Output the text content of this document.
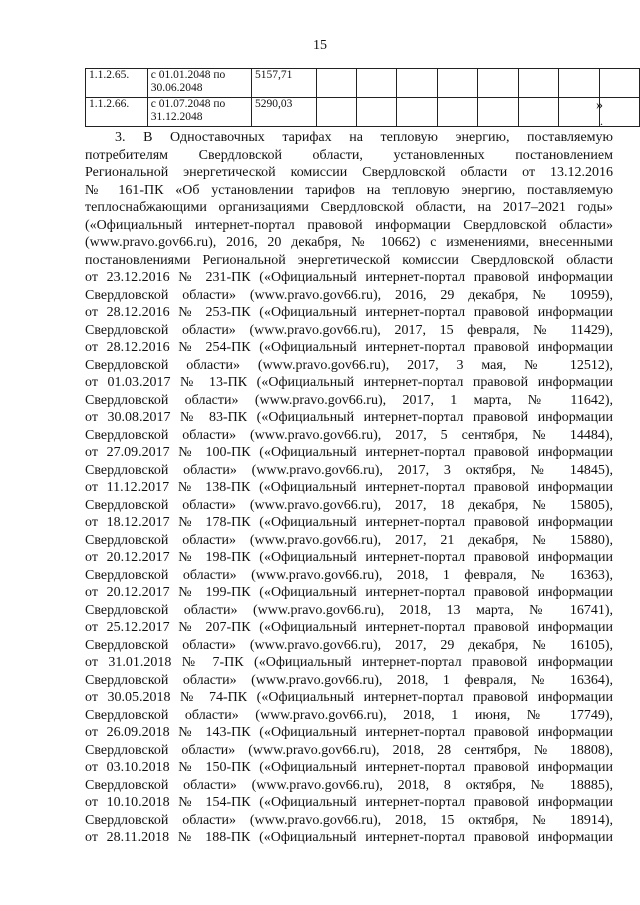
15
1.1.2.65.	с 01.01.2048 по
30.06.2048	5157,71								
1.1.2.66.	с 01.07.2048 по
31.12.2048	5290,03									»
.
3. В Одноставочных тарифах на тепловую энергию, поставляемую
потребителям Свердловской области, установленных постановлением
Региональной энергетической комиссии Свердловской области от 13.12.2016
№ 161-ПК «Об установлении тарифов на тепловую энергию, поставляемую
теплоснабжающими организациями Свердловской области, на 2017–2021 годы»
(«Официальный интернет-портал правовой информации Свердловской области»
(www.pravo.gov66.ru), 2016, 20 декабря, № 10662) с изменениями, внесенными
постановлениями Региональной энергетической комиссии Свердловской области
от 23.12.2016 № 231-ПК («Официальный интернет-портал правовой информации
Свердловской области» (www.pravo.gov66.ru), 2016, 29 декабря, № 10959),
от 28.12.2016 № 253-ПК («Официальный интернет-портал правовой информации
Свердловской области» (www.pravo.gov66.ru), 2017, 15 февраля, № 11429),
от 28.12.2016 № 254-ПК («Официальный интернет-портал правовой информации
Свердловской области» (www.pravo.gov66.ru), 2017, 3 мая, № 12512),
от 01.03.2017 № 13-ПК («Официальный интернет-портал правовой информации
Свердловской области» (www.pravo.gov66.ru), 2017, 1 марта, № 11642),
от 30.08.2017 № 83-ПК («Официальный интернет-портал правовой информации
Свердловской области» (www.pravo.gov66.ru), 2017, 5 сентября, № 14484),
от 27.09.2017 № 100-ПК («Официальный интернет-портал правовой информации
Свердловской области» (www.pravo.gov66.ru), 2017, 3 октября, № 14845),
от 11.12.2017 № 138-ПК («Официальный интернет-портал правовой информации
Свердловской области» (www.pravo.gov66.ru), 2017, 18 декабря, № 15805),
от 18.12.2017 № 178-ПК («Официальный интернет-портал правовой информации
Свердловской области» (www.pravo.gov66.ru), 2017, 21 декабря, № 15880),
от 20.12.2017 № 198-ПК («Официальный интернет-портал правовой информации
Свердловской области» (www.pravo.gov66.ru), 2018, 1 февраля, № 16363),
от 20.12.2017 № 199-ПК («Официальный интернет-портал правовой информации
Свердловской области» (www.pravo.gov66.ru), 2018, 13 марта, № 16741),
от 25.12.2017 № 207-ПК («Официальный интернет-портал правовой информации
Свердловской области» (www.pravo.gov66.ru), 2017, 29 декабря, № 16105),
от 31.01.2018 № 7-ПК («Официальный интернет-портал правовой информации
Свердловской области» (www.pravo.gov66.ru), 2018, 1 февраля, № 16364),
от 30.05.2018 № 74-ПК («Официальный интернет-портал правовой информации
Свердловской области» (www.pravo.gov66.ru), 2018, 1 июня, № 17749),
от 26.09.2018 № 143-ПК («Официальный интернет-портал правовой информации
Свердловской области» (www.pravo.gov66.ru), 2018, 28 сентября, № 18808),
от 03.10.2018 № 150-ПК («Официальный интернет-портал правовой информации
Свердловской области» (www.pravo.gov66.ru), 2018, 8 октября, № 18885),
от 10.10.2018 № 154-ПК («Официальный интернет-портал правовой информации
Свердловской области» (www.pravo.gov66.ru), 2018, 15 октября, № 18914),
от 28.11.2018 № 188-ПК («Официальный интернет-портал правовой информации
